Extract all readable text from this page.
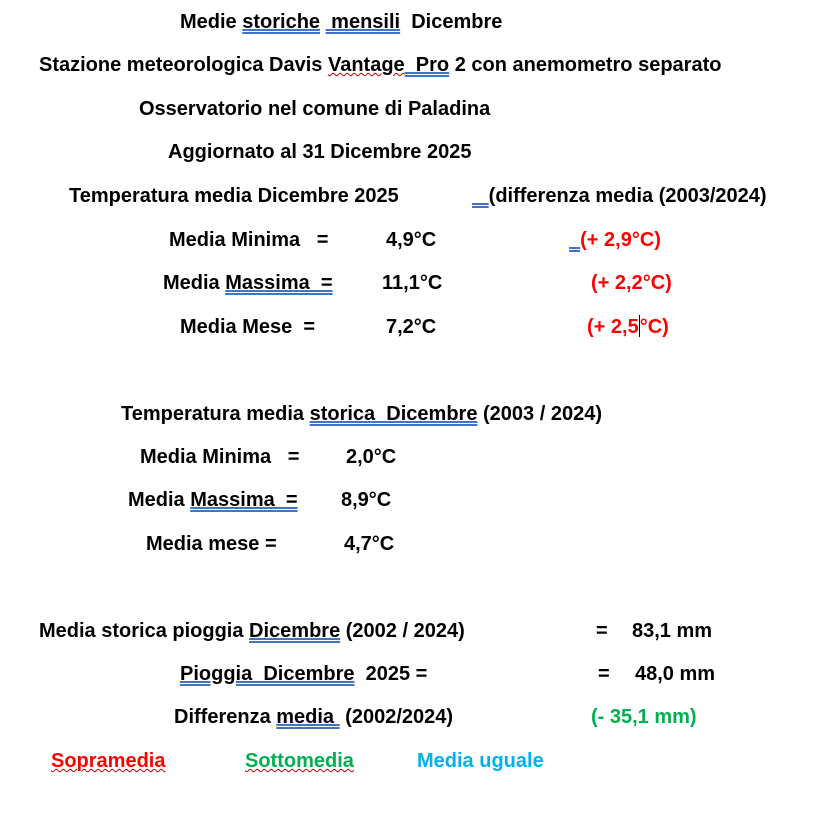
Medie storiche  mensili  Dicembre
Stazione meteorologica Davis Vantage  Pro 2 con anemometro separato
Osservatorio nel comune di Paladina
Aggiornato al 31 Dicembre 2025
Temperatura media Dicembre 2025	(differenza media (2003/2024)
Media Minima   =	4,9°C	(+ 2,9°C)
Media Massima  = 11,1°C	(+ 2,2°C)
Media Mese  =	7,2°C	(+ 2,5°C)
Temperatura media storica  Dicembre (2003 / 2024)
Media Minima   = 2,0°C
Media Massima  = 8,9°C
Media mese =	4,7°C
Media storica pioggia Dicembre (2002 / 2024)	= 83,1 mm
Pioggia  Dicembre  2025 =	= 48,0 mm
Differenza media  (2002/2024)	(- 35,1 mm)
Sopramedia	Sottomedia	Media uguale
